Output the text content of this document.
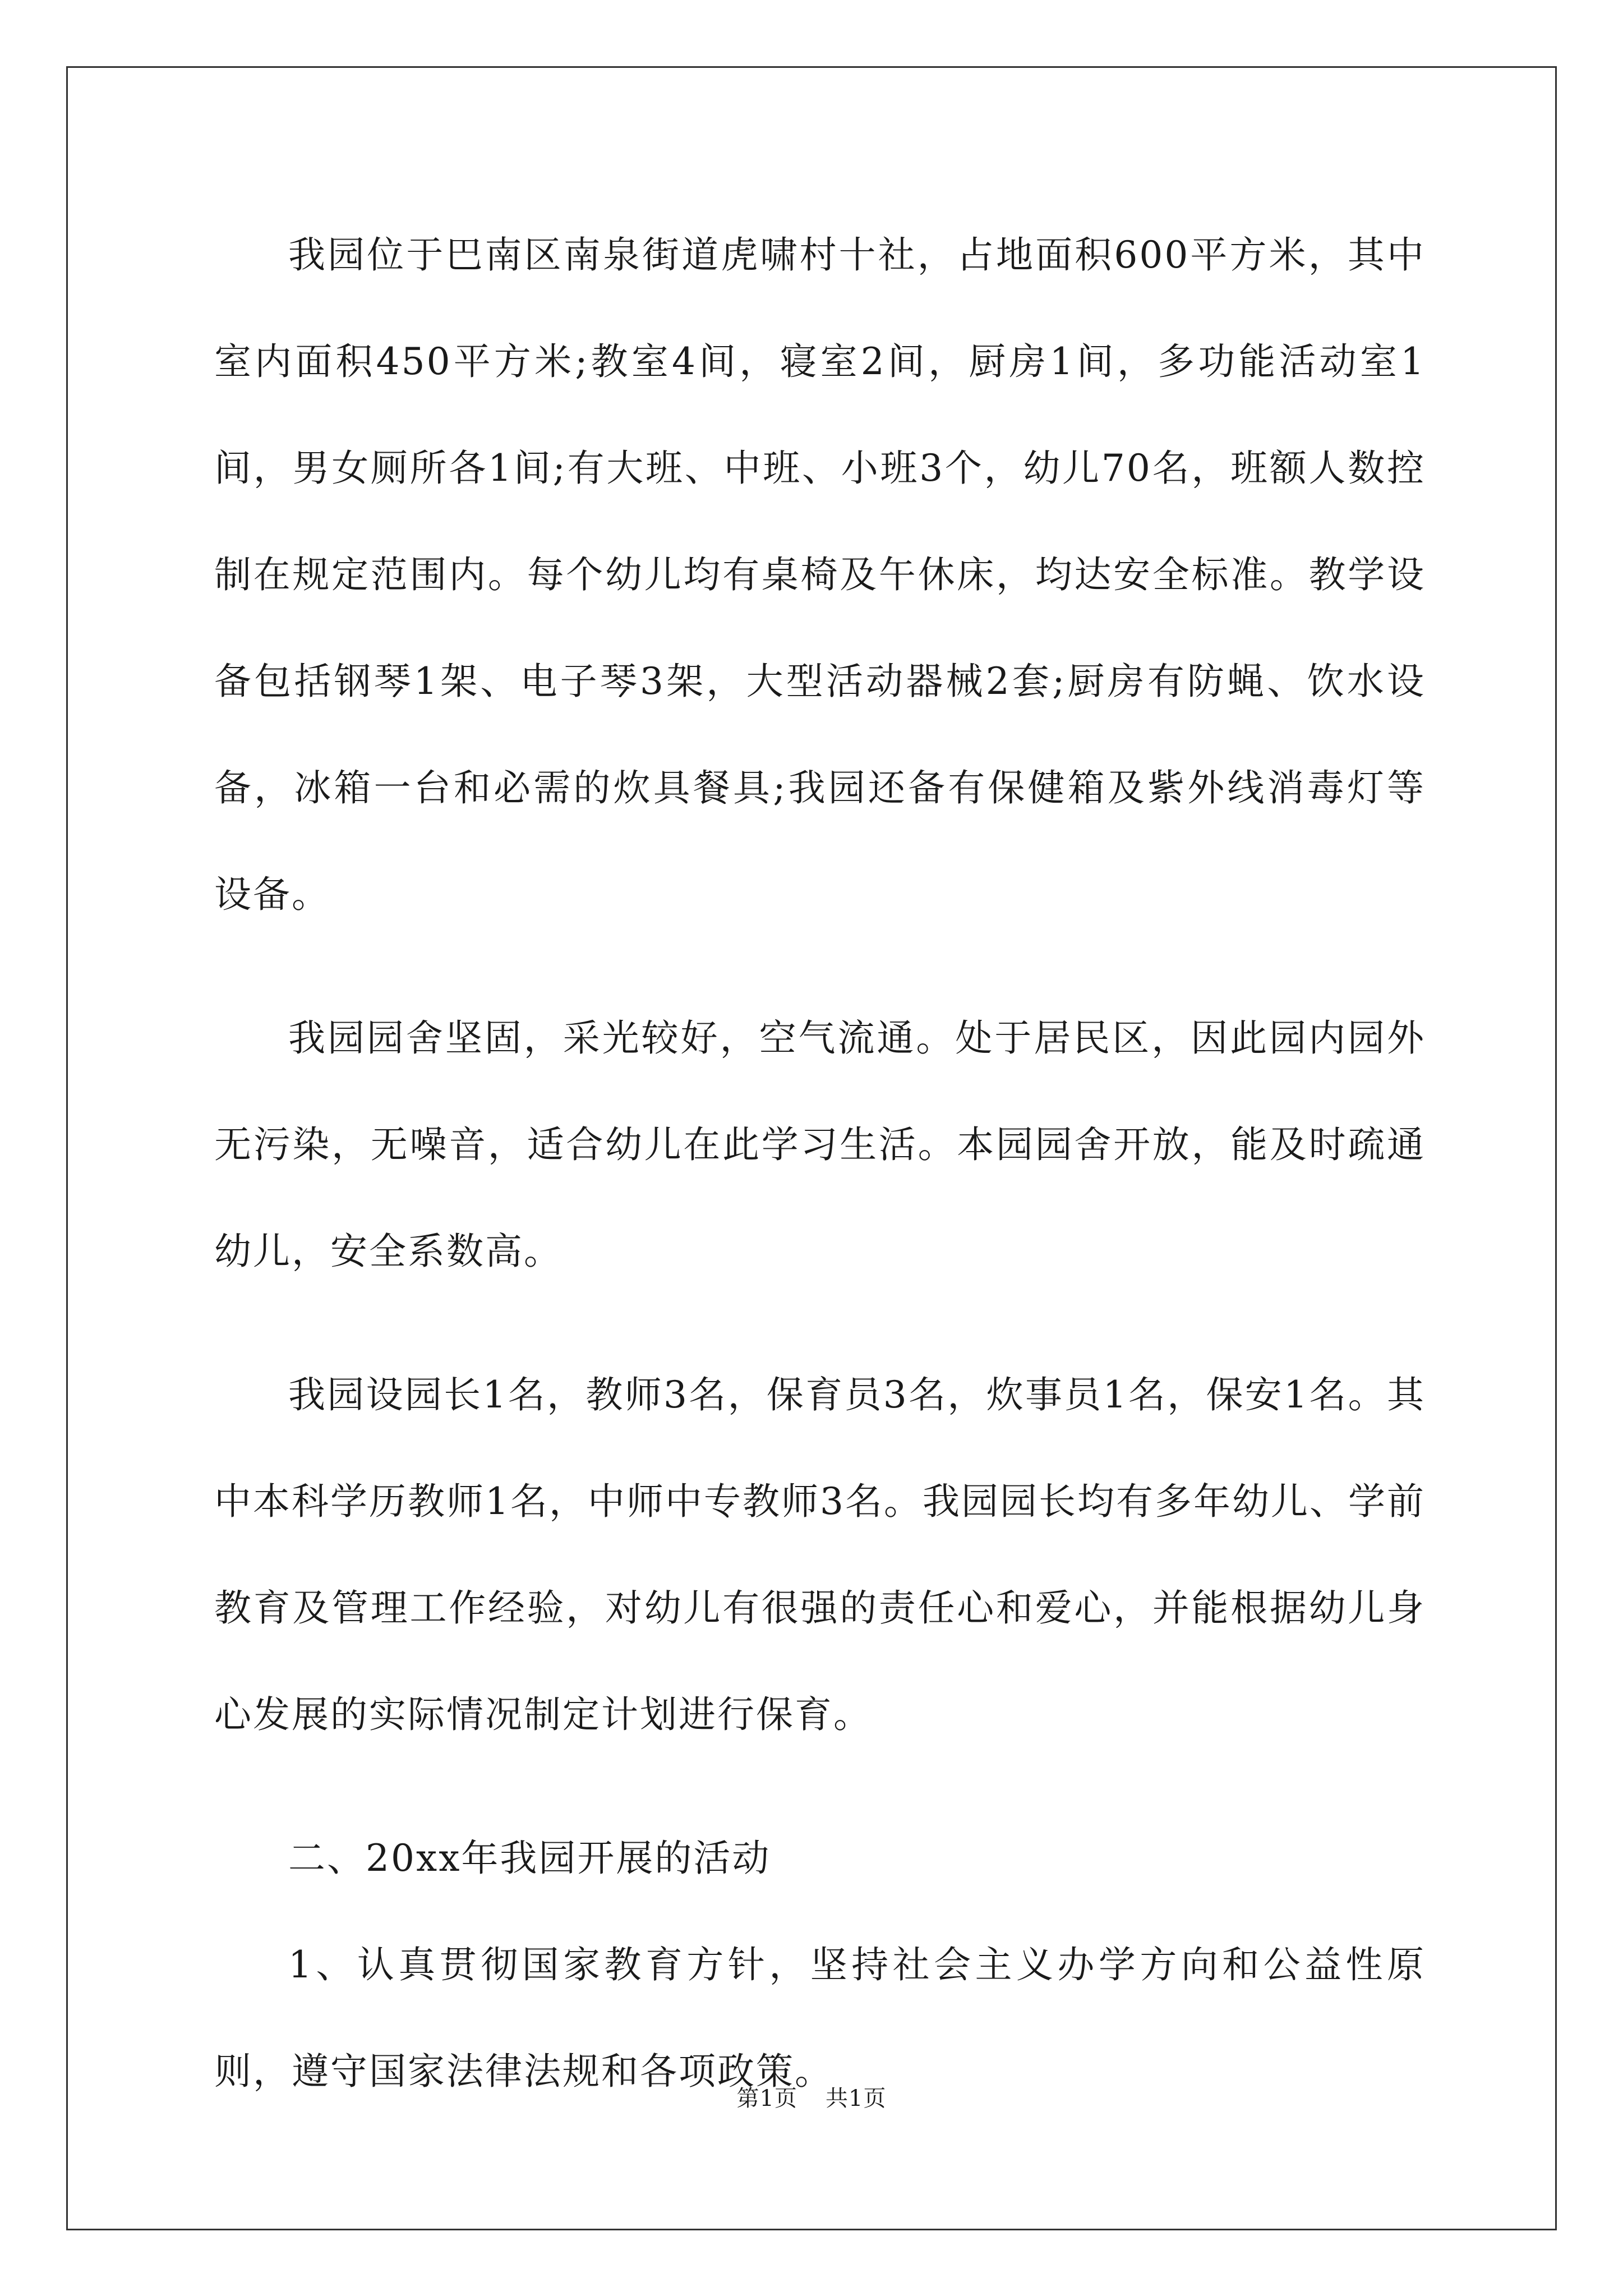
我园位于巴南区南泉街道虎啸村十社，占地面积600平方米，其中室内面积450平方米;教室4间，寝室2间，厨房1间，多功能活动室1间，男女厕所各1间;有大班、中班、小班3个，幼儿70名，班额人数控制在规定范围内。每个幼儿均有桌椅及午休床，均达安全标准。教学设备包括钢琴1架、电子琴3架，大型活动器械2套;厨房有防蝇、饮水设备，冰箱一台和必需的炊具餐具;我园还备有保健箱及紫外线消毒灯等设备。

我园园舍坚固，采光较好，空气流通。处于居民区，因此园内园外无污染，无噪音，适合幼儿在此学习生活。本园园舍开放，能及时疏通幼儿，安全系数高。

我园设园长1名，教师3名，保育员3名，炊事员1名，保安1名。其中本科学历教师1名，中师中专教师3名。我园园长均有多年幼儿、学前教育及管理工作经验，对幼儿有很强的责任心和爱心，并能根据幼儿身心发展的实际情况制定计划进行保育。

二、20xx年我园开展的活动

1、认真贯彻国家教育方针，坚持社会主义办学方向和公益性原则，遵守国家法律法规和各项政策。

第1页 共1页
